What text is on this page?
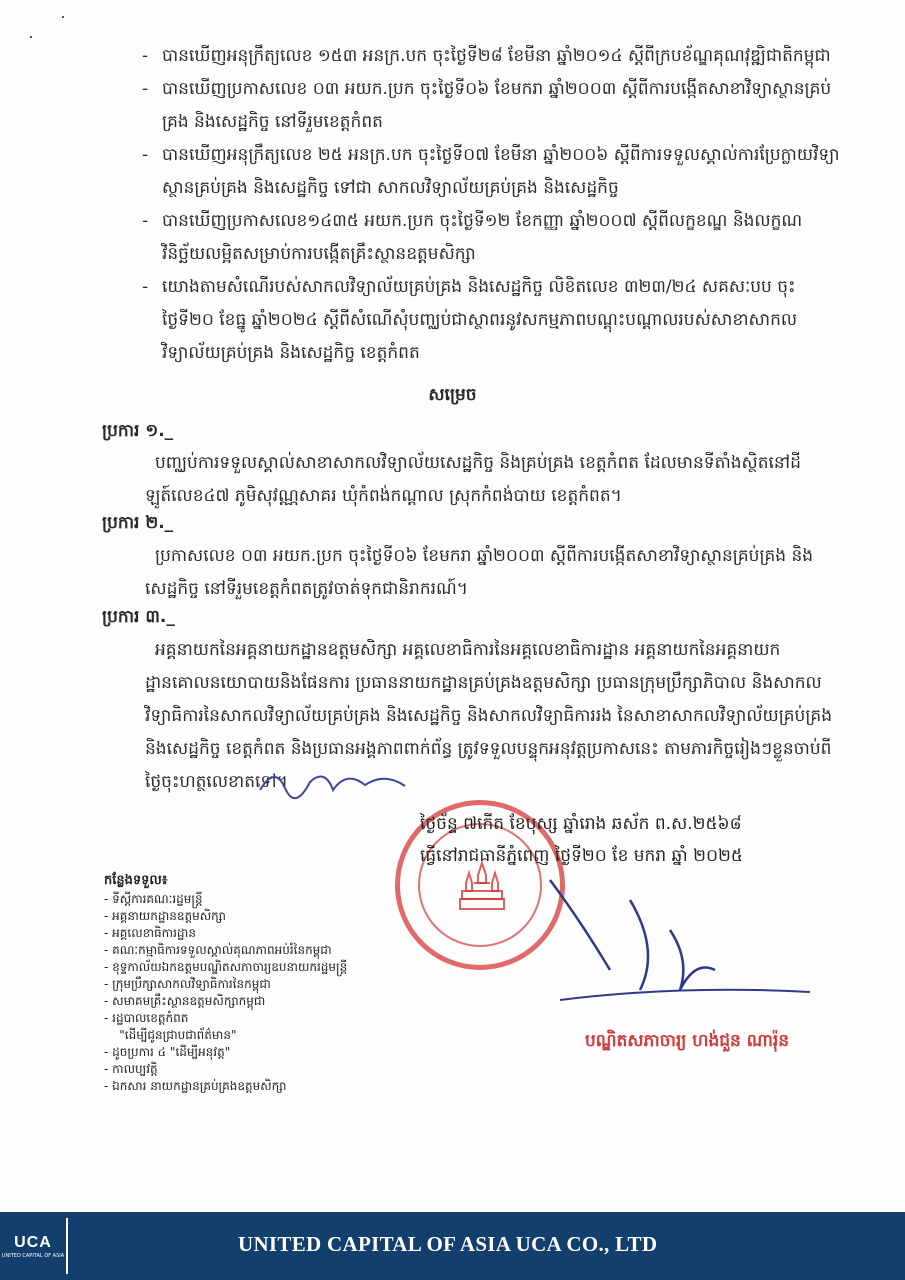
- បានឃើញអនុក្រឹត្យលេខ ១៥៣ អនក្រ.បក ចុះថ្ងៃទី២៨ ខែមីនា ឆ្នាំ២០១៤ ស្តីពីក្របខ័ណ្ឌគុណវុឌ្ឍិជាតិកម្ពុជា
- បានឃើញប្រកាសលេខ ០៣ អយក.ប្រក ចុះថ្ងៃទី០៦ ខែមករា ឆ្នាំ២០០៣ ស្តីពីការបង្កើតសាខាវិទ្យាស្ថានគ្រប់គ្រង និងសេដ្ឋកិច្ច នៅទីរួមខេត្តកំពត
- បានឃើញអនុក្រឹត្យលេខ ២៥ អនក្រ.បក ចុះថ្ងៃទី០៧ ខែមីនា ឆ្នាំ២០០៦ ស្តីពីការទទួលស្គាល់ការប្រែក្លាយវិទ្យាស្ថានគ្រប់គ្រង និងសេដ្ឋកិច្ច ទៅជា សាកលវិទ្យាល័យគ្រប់គ្រង និងសេដ្ឋកិច្ច
- បានឃើញប្រកាសលេខ១៤៣៥ អយក.ប្រក ចុះថ្ងៃទី១២ ខែកញ្ញា ឆ្នាំ២០០៧ ស្តីពីលក្ខខណ្ឌ និងលក្ខណវិនិច្ឆ័យលម្អិតសម្រាប់ការបង្កើតគ្រឹះស្ថានឧត្តមសិក្សា
- យោងតាមសំណើរបស់សាកលវិទ្យាល័យគ្រប់គ្រង និងសេដ្ឋកិច្ច លិខិតលេខ ៣២៣/២៤ សគសៈបប ចុះថ្ងៃទី២០ ខែធ្នូ ឆ្នាំ២០២៤ ស្តីពីសំណើសុំបញ្ឈប់ជាស្ថាពរនូវសកម្មភាពបណ្តុះបណ្តាលរបស់សាខាសាកលវិទ្យាល័យគ្រប់គ្រង និងសេដ្ឋកិច្ច ខេត្តកំពត
សម្រេច
ប្រការ ១._
បញ្ឈប់ការទទួលស្គាល់សាខាសាកលវិទ្យាល័យសេដ្ឋកិច្ច និងគ្រប់គ្រង ខេត្តកំពត ដែលមានទីតាំងស្ថិតនៅដីឡូត៍លេខ៤៧ ភូមិសុវណ្ណសាគរ ឃុំកំពង់កណ្តាល ស្រុកកំពង់បាយ ខេត្តកំពត។
ប្រការ ២._
ប្រកាសលេខ ០៣ អយក.ប្រក ចុះថ្ងៃទី០៦ ខែមករា ឆ្នាំ២០០៣ ស្តីពីការបង្កើតសាខាវិទ្យាស្ថានគ្រប់គ្រង និងសេដ្ឋកិច្ច នៅទីរួមខេត្តកំពតត្រូវចាត់ទុកជានិរាករណ៍។
ប្រការ ៣._
អគ្គនាយកនៃអគ្គនាយកដ្ឋានឧត្តមសិក្សា អគ្គលេខាធិការនៃអគ្គលេខាធិការដ្ឋាន អគ្គនាយកនៃអគ្គនាយកដ្ឋានគោលនយោបាយនិងផែនការ ប្រធាននាយកដ្ឋានគ្រប់គ្រងឧត្តមសិក្សា ប្រធានក្រុមប្រឹក្សាភិបាល និងសាកលវិទ្យាធិការនៃសាកលវិទ្យាល័យគ្រប់គ្រង និងសេដ្ឋកិច្ច និងសាកលវិទ្យាធិការរង នៃសាខាសាកលវិទ្យាល័យគ្រប់គ្រង និងសេដ្ឋកិច្ច ខេត្តកំពត និងប្រធានអង្គភាពពាក់ព័ន្ធ ត្រូវទទួលបន្ទុកអនុវត្តប្រកាសនេះ តាមភារកិច្ចរៀងៗខ្លួនចាប់ពីថ្ងៃចុះហត្ថលេខាតទៅ។
ថ្ងៃច័ន្ទ ៧កើត ខែបុស្ស ឆ្នាំរោង ឆស័ក ព.ស.២៥៦៨
ធ្វើនៅរាជធានីភ្នំពេញ ថ្ងៃទី២០ ខែ មករា ឆ្នាំ ២០២៥
បណ្ឌិតសភាចារ្យ ហង់ជួន ណារ៉ុន
កន្លែងទទួល៖
- ទីស្តីការគណៈរដ្ឋមន្ត្រី
- អគ្គនាយកដ្ឋានឧត្តមសិក្សា
- អគ្គលេខាធិការដ្ឋាន
- គណៈកម្មាធិការទទួលស្គាល់គុណភាពអប់រំនៃកម្ពុជា
- ខុទ្ទកាល័យឯកឧត្តមបណ្ឌិតសភាចារ្យឧបនាយករដ្ឋមន្ត្រី
- ក្រុមប្រឹក្សាសាកលវិទ្យាធិការនៃកម្ពុជា
- សមាគមគ្រឹះស្ថានឧត្តមសិក្សាកម្ពុជា
- រដ្ឋបាលខេត្តកំពត
"ដើម្បីជូនជ្រាបជាព័ត៌មាន"
- ដូចប្រការ ៤ "ដើម្បីអនុវត្ត"
- កាលប្បវត្តិ
- ឯកសារ នាយកដ្ឋានគ្រប់គ្រងឧត្តមសិក្សា
UCA
UNITED CAPITAL OF ASIA	UNITED CAPITAL OF ASIA UCA CO., LTD
